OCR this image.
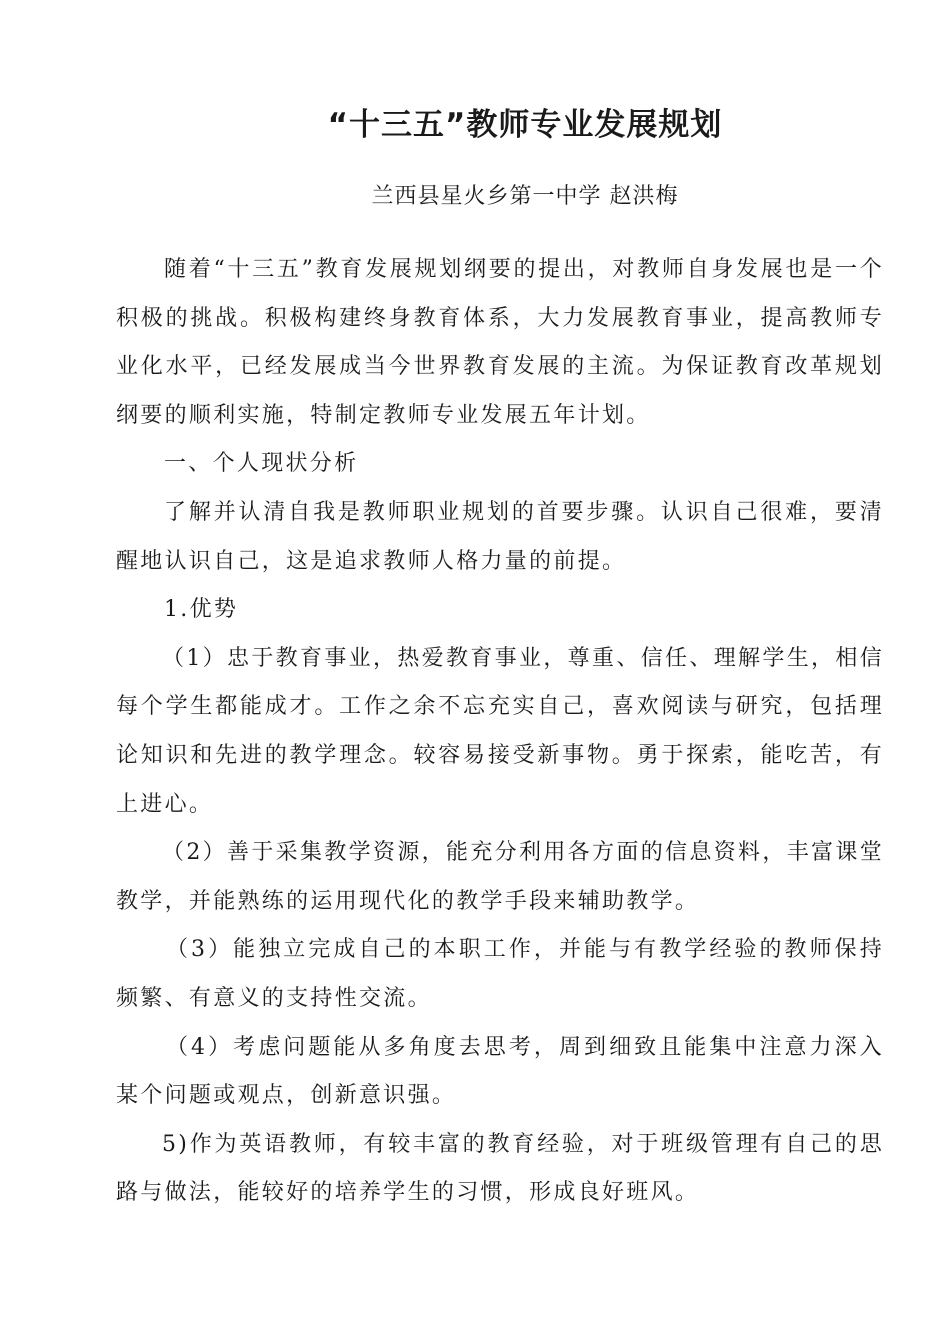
“十三五”教师专业发展规划
兰西县星火乡第一中学 赵洪梅

随着“十三五”教育发展规划纲要的提出，对教师自身发展也是一个积极的挑战。积极构建终身教育体系，大力发展教育事业，提高教师专业化水平，已经发展成当今世界教育发展的主流。为保证教育改革规划纲要的顺利实施，特制定教师专业发展五年计划。

一、个人现状分析

了解并认清自我是教师职业规划的首要步骤。认识自己很难，要清醒地认识自己，这是追求教师人格力量的前提。

1.优势

（1）忠于教育事业，热爱教育事业，尊重、信任、理解学生，相信每个学生都能成才。工作之余不忘充实自己，喜欢阅读与研究，包括理论知识和先进的教学理念。较容易接受新事物。勇于探索，能吃苦，有上进心。

（2）善于采集教学资源，能充分利用各方面的信息资料，丰富课堂教学，并能熟练的运用现代化的教学手段来辅助教学。

（3）能独立完成自己的本职工作，并能与有教学经验的教师保持频繁、有意义的支持性交流。

（4）考虑问题能从多角度去思考，周到细致且能集中注意力深入某个问题或观点，创新意识强。

5)作为英语教师，有较丰富的教育经验，对于班级管理有自己的思路与做法，能较好的培养学生的习惯，形成良好班风。
